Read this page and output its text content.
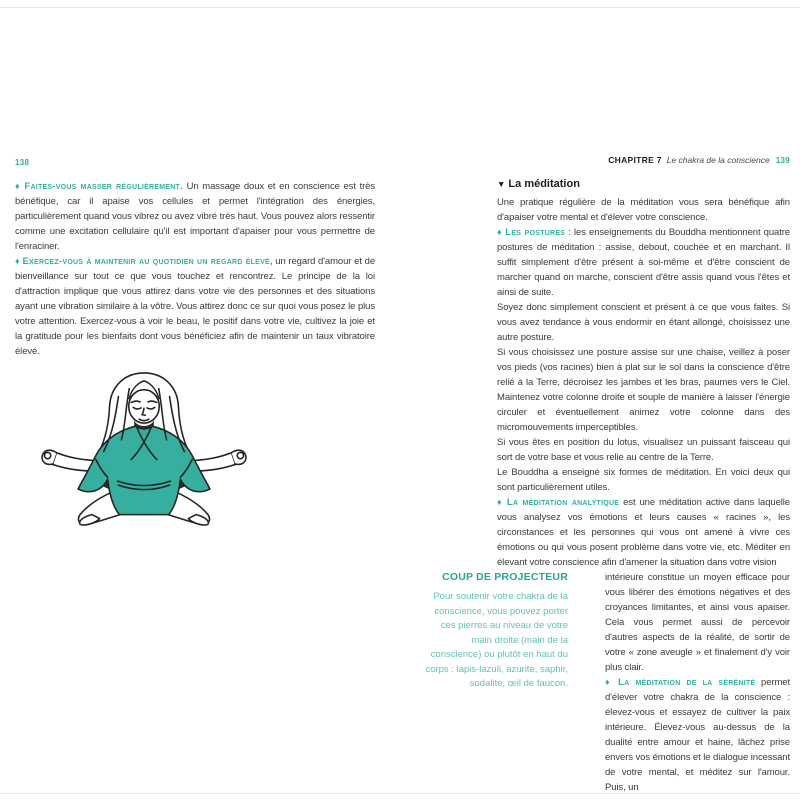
138

♦ Faites-vous masser régulièrement. Un massage doux et en conscience est très bénéfique, car il apaise vos cellules et permet l'intégration des énergies, particulièrement quand vous vibrez ou avez vibré très haut. Vous pouvez alors ressentir comme une excitation cellulaire qu'il est important d'apaiser pour vous permettre de l'enraciner.

♦ Exercez-vous à maintenir au quotidien un regard élevé, un regard d'amour et de bienveillance sur tout ce que vous touchez et rencontrez. Le principe de la loi d'attraction implique que vous attirez dans votre vie des personnes et des situations ayant une vibration similaire à la vôtre. Vous attirez donc ce sur quoi vous posez le plus votre attention. Exercez-vous à voir le beau, le positif dans votre vie, cultivez la joie et la gratitude pour les bienfaits dont vous bénéficiez afin de maintenir un taux vibratoire élevé.

CHAPITRE 7 Le chakra de la conscience 139
▼ La méditation

Une pratique régulière de la méditation vous sera bénéfique afin d'apaiser votre mental et d'élever votre conscience.

♦ Les postures : les enseignements du Bouddha mentionnent quatre postures de méditation : assise, debout, couchée et en marchant. Il suffit simplement d'être présent à soi-même et d'être conscient de marcher quand on marche, conscient d'être assis quand vous l'êtes et ainsi de suite.

Soyez donc simplement conscient et présent à ce que vous faites. Si vous avez tendance à vous endormir en étant allongé, choisissez une autre posture.

Si vous choisissez une posture assise sur une chaise, veillez à poser vos pieds (vos racines) bien à plat sur le sol dans la conscience d'être relié à la Terre, décroisez les jambes et les bras, paumes vers le Ciel. Maintenez votre colonne droite et souple de manière à laisser l'énergie circuler et éventuellement animez votre colonne dans des micromouvements imperceptibles.

Si vous êtes en position du lotus, visualisez un puissant faisceau qui sort de votre base et vous relie au centre de la Terre.

Le Bouddha a enseigné six formes de méditation. En voici deux qui sont particulièrement utiles.

♦ La méditation analytique est une méditation active dans laquelle vous analysez vos émotions et leurs causes « racines », les circonstances et les personnes qui vous ont amené à vivre ces émotions ou qui vous posent problème dans votre vie, etc. Méditer en élevant votre conscience afin d'amener la situation dans votre vision

COUP DE PROJECTEUR
Pour soutenir votre chakra de la conscience, vous pouvez porter ces pierres au niveau de votre main droite (main de la conscience) ou plutôt en haut du corps : lapis-lazuli, azurite, saphir, sodalite, œil de faucon.

intérieure constitue un moyen efficace pour vous libérer des émotions négatives et des croyances limitantes, et ainsi vous apaiser. Cela vous permet aussi de percevoir d'autres aspects de la réalité, de sortir de votre « zone aveugle » et finalement d'y voir plus clair.

♦ La méditation de la sérénité permet d'élever votre chakra de la conscience : élevez-vous et essayez de cultiver la paix intérieure. Élevez-vous au-dessus de la dualité entre amour et haine, lâchez prise envers vos émotions et le dialogue incessant de votre mental, et méditez sur l'amour. Puis, un
